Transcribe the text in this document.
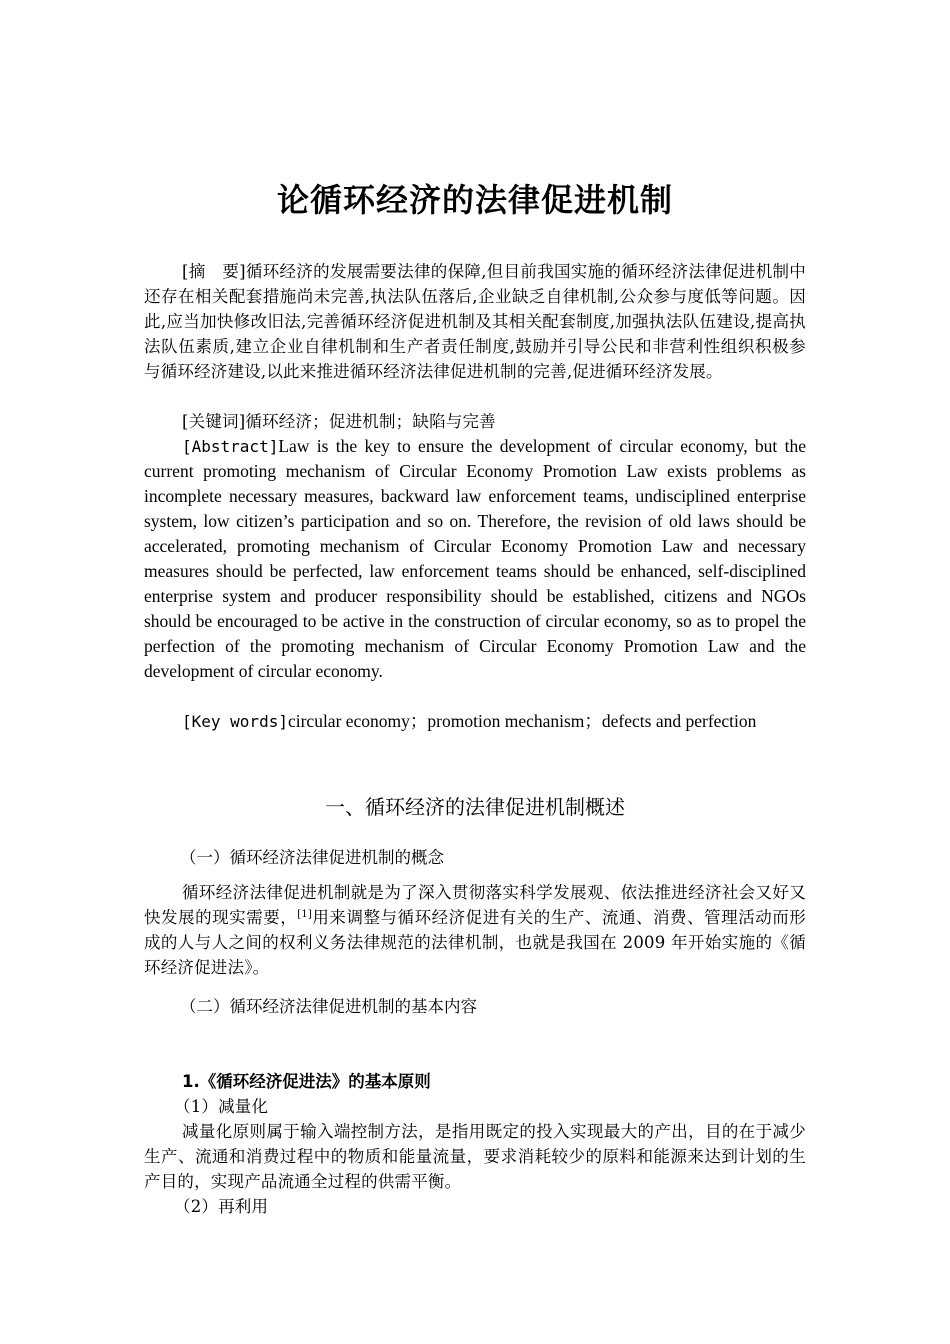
论循环经济的法律促进机制
[摘　要]循环经济的发展需要法律的保障,但目前我国实施的循环经济法律促进机制中还存在相关配套措施尚未完善,执法队伍落后,企业缺乏自律机制,公众参与度低等问题。因此,应当加快修改旧法,完善循环经济促进机制及其相关配套制度,加强执法队伍建设,提高执法队伍素质,建立企业自律机制和生产者责任制度,鼓励并引导公民和非营利性组织积极参与循环经济建设,以此来推进循环经济法律促进机制的完善,促进循环经济发展。
[关键词]循环经济；促进机制；缺陷与完善
[Abstract]Law is the key to ensure the development of circular economy, but the current promoting mechanism of Circular Economy Promotion Law exists problems as incomplete necessary measures, backward law enforcement teams, undisciplined enterprise system, low citizen’s participation and so on. Therefore, the revision of old laws should be accelerated, promoting mechanism of Circular Economy Promotion Law and necessary measures should be perfected, law enforcement teams should be enhanced, self-disciplined enterprise system and producer responsibility should be established, citizens and NGOs should be encouraged to be active in the construction of circular economy, so as to propel the perfection of the promoting mechanism of Circular Economy Promotion Law and the development of circular economy.
[Key words]circular economy；promotion mechanism；defects and perfection
一、循环经济的法律促进机制概述
（一）循环经济法律促进机制的概念
循环经济法律促进机制就是为了深入贯彻落实科学发展观、依法推进经济社会又好又快发展的现实需要，[1]用来调整与循环经济促进有关的生产、流通、消费、管理活动而形成的人与人之间的权利义务法律规范的法律机制，也就是我国在 2009 年开始实施的《循环经济促进法》。
（二）循环经济法律促进机制的基本内容
1.《循环经济促进法》的基本原则
（1）减量化
减量化原则属于输入端控制方法，是指用既定的投入实现最大的产出，目的在于减少生产、流通和消费过程中的物质和能量流量，要求消耗较少的原料和能源来达到计划的生产目的，实现产品流通全过程的供需平衡。
（2）再利用
